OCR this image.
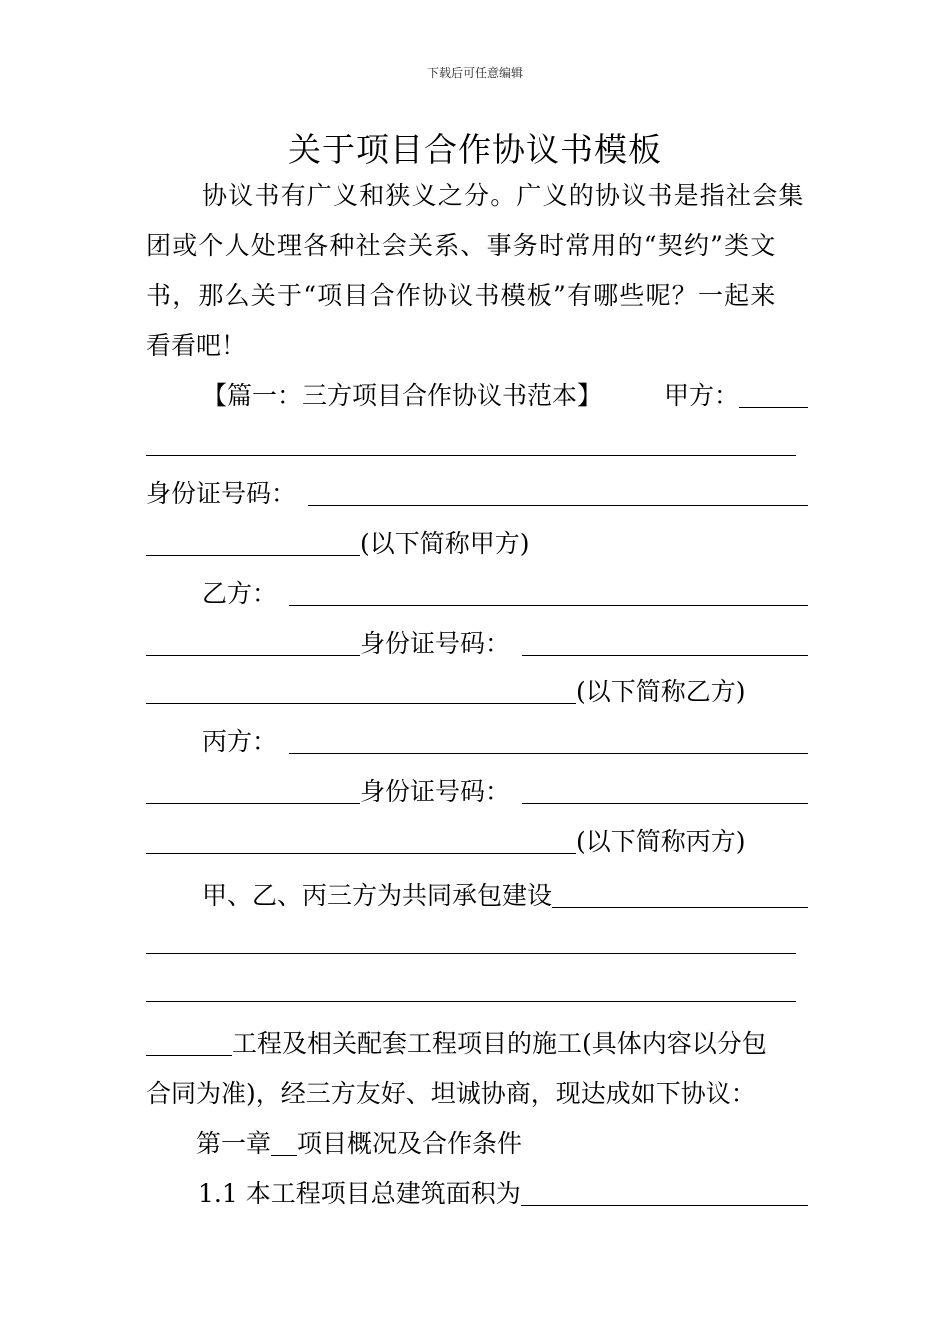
下载后可任意编辑
关于项目合作协议书模板
协议书有广义和狭义之分。广义的协议书是指社会集
团或个人处理各种社会关系、事务时常用的“契约”类文
书，那么关于“项目合作协议书模板”有哪些呢？一起来
看看吧！
【篇一：三方项目合作协议书范本】 甲方：
身份证号码：
(以下简称甲方)
乙方：
身份证号码：
(以下简称乙方)
丙方：
身份证号码：
(以下简称丙方)
甲、乙、丙三方为共同承包建设
工程及相关配套工程项目的施工(具体内容以分包
合同为准)，经三方友好、坦诚协商，现达成如下协议：
第一章 项目概况及合作条件
1.1 本工程项目总建筑面积为
